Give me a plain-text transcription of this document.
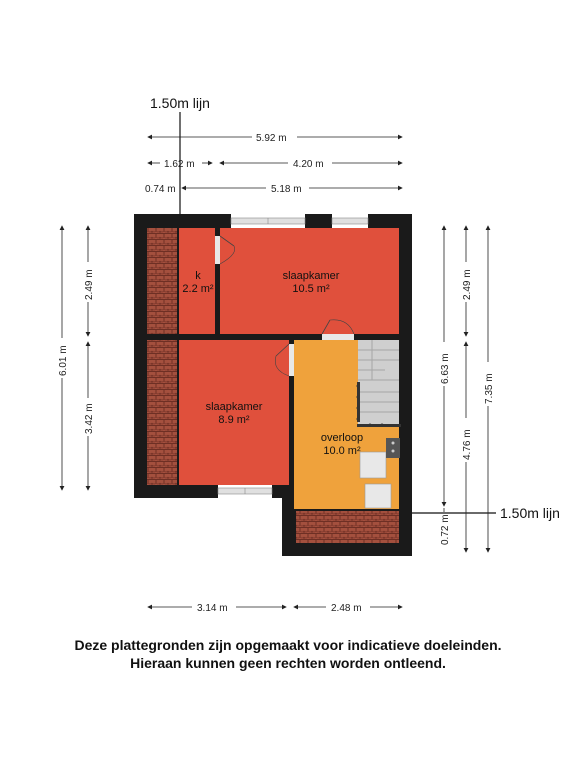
1.50m lijn
1.50m lijn
5.92 m
1.62 m	4.20 m
0.74 m	5.18 m
6.01 m
2.49 m
3.42 m
6.63 m
0.72 m
2.49 m
4.76 m
7.35 m
3.14 m	2.48 m
k
2.2 m²
slaapkamer
10.5 m²
slaapkamer
8.9 m²
overloop
10.0 m²
Deze plattegronden zijn opgemaakt voor indicatieve doeleinden.
Hieraan kunnen geen rechten worden ontleend.
